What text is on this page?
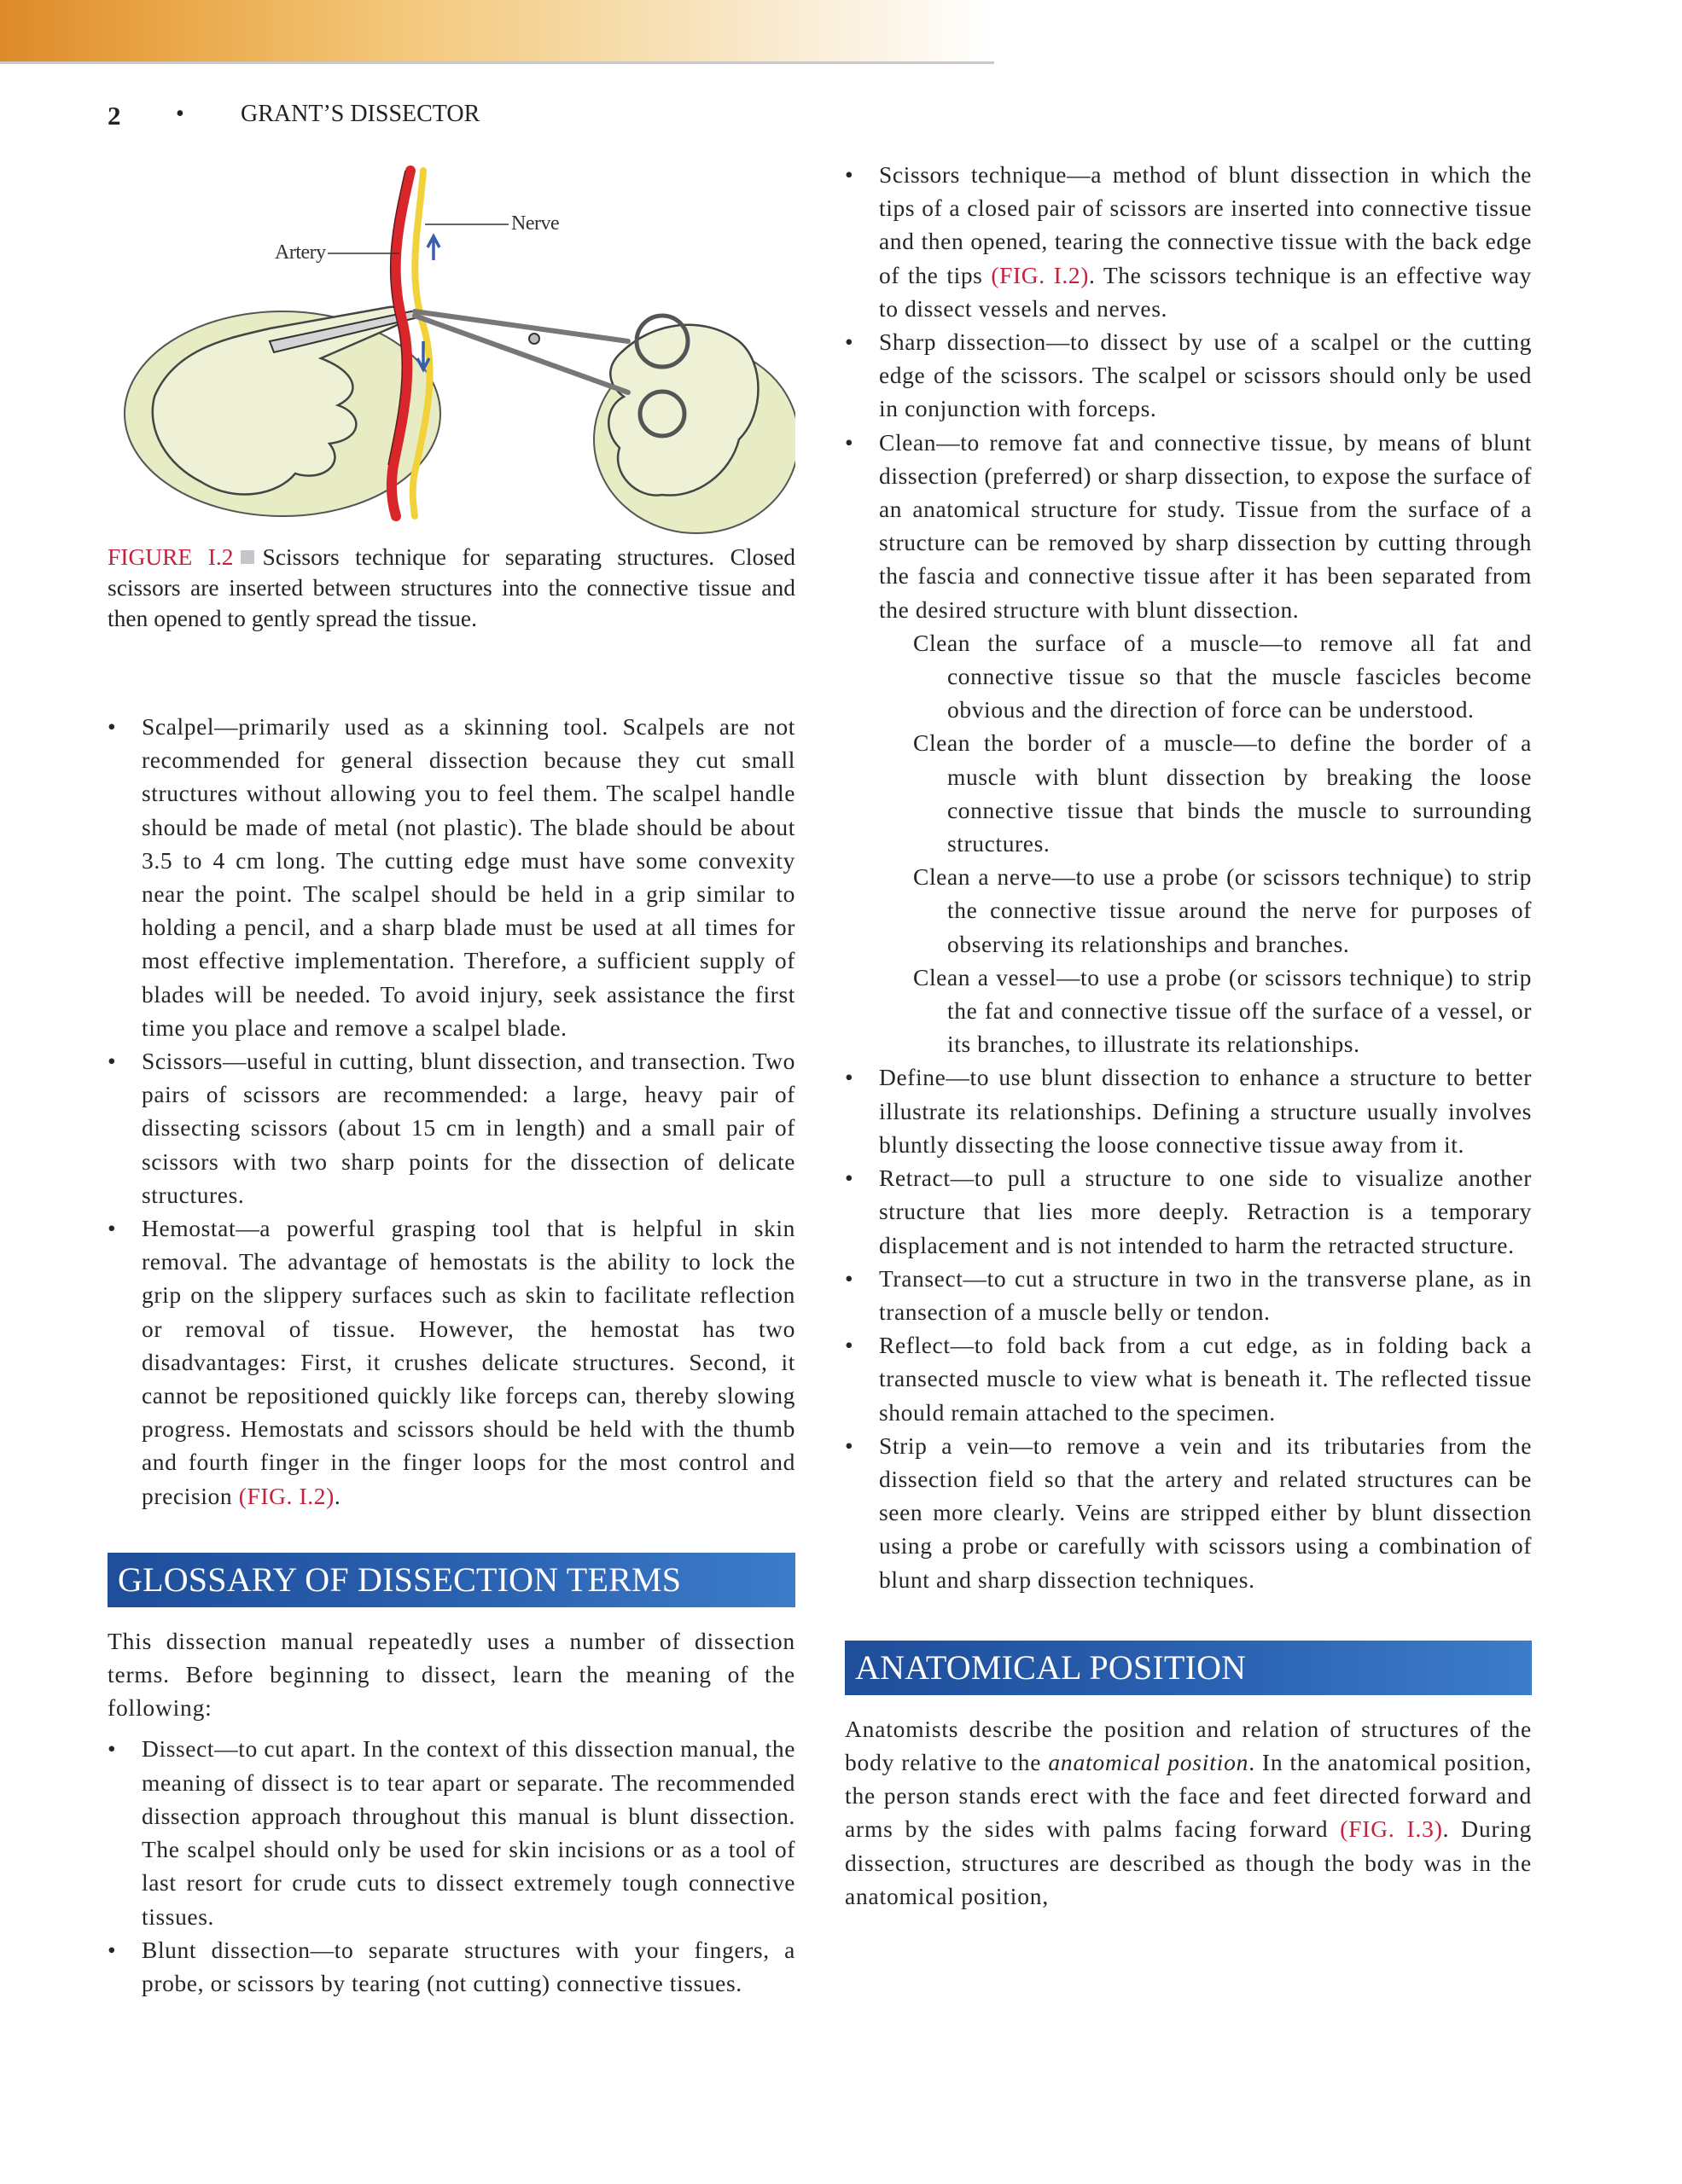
2 • GRANT’S DISSECTOR
Artery
Nerve
FIGURE I.2 Scissors technique for separating structures. Closed scissors are inserted between structures into the connective tissue and then opened to gently spread the tissue.
• Scalpel—primarily used as a skinning tool. Scalpels are not recommended for general dissection because they cut small structures without allowing you to feel them. The scalpel handle should be made of metal (not plastic). The blade should be about 3.5 to 4 cm long. The cutting edge must have some convexity near the point. The scalpel should be held in a grip similar to holding a pencil, and a sharp blade must be used at all times for most effective implementation. Therefore, a sufficient supply of blades will be needed. To avoid injury, seek assistance the first time you place and remove a scalpel blade.
• Scissors—useful in cutting, blunt dissection, and transection. Two pairs of scissors are recommended: a large, heavy pair of dissecting scissors (about 15 cm in length) and a small pair of scissors with two sharp points for the dissection of delicate structures.
• Hemostat—a powerful grasping tool that is helpful in skin removal. The advantage of hemostats is the ability to lock the grip on the slippery surfaces such as skin to facilitate reflection or removal of tissue. However, the hemostat has two disadvantages: First, it crushes delicate structures. Second, it cannot be repositioned quickly like forceps can, thereby slowing progress. Hemostats and scissors should be held with the thumb and fourth finger in the finger loops for the most control and precision (FIG. I.2).
GLOSSARY OF DISSECTION TERMS

This dissection manual repeatedly uses a number of dissection terms. Before beginning to dissect, learn the meaning of the following:

• Dissect—to cut apart. In the context of this dissection manual, the meaning of dissect is to tear apart or separate. The recommended dissection approach throughout this manual is blunt dissection. The scalpel should only be used for skin incisions or as a tool of last resort for crude cuts to dissect extremely tough connective tissues.
• Blunt dissection—to separate structures with your fingers, a probe, or scissors by tearing (not cutting) connective tissues.
• Scissors technique—a method of blunt dissection in which the tips of a closed pair of scissors are inserted into connective tissue and then opened, tearing the connective tissue with the back edge of the tips (FIG. I.2). The scissors technique is an effective way to dissect vessels and nerves.
• Sharp dissection—to dissect by use of a scalpel or the cutting edge of the scissors. The scalpel or scissors should only be used in conjunction with forceps.
• Clean—to remove fat and connective tissue, by means of blunt dissection (preferred) or sharp dissection, to expose the surface of an anatomical structure for study. Tissue from the surface of a structure can be removed by sharp dissection by cutting through the fascia and connective tissue after it has been separated from the desired structure with blunt dissection.
Clean the surface of a muscle—to remove all fat and connective tissue so that the muscle fascicles become obvious and the direction of force can be understood.
Clean the border of a muscle—to define the border of a muscle with blunt dissection by breaking the loose connective tissue that binds the muscle to surrounding structures.
Clean a nerve—to use a probe (or scissors technique) to strip the connective tissue around the nerve for purposes of observing its relationships and branches.
Clean a vessel—to use a probe (or scissors technique) to strip the fat and connective tissue off the surface of a vessel, or its branches, to illustrate its relationships.
• Define—to use blunt dissection to enhance a structure to better illustrate its relationships. Defining a structure usually involves bluntly dissecting the loose connective tissue away from it.
• Retract—to pull a structure to one side to visualize another structure that lies more deeply. Retraction is a temporary displacement and is not intended to harm the retracted structure.
• Transect—to cut a structure in two in the transverse plane, as in transection of a muscle belly or tendon.
• Reflect—to fold back from a cut edge, as in folding back a transected muscle to view what is beneath it. The reflected tissue should remain attached to the specimen.
• Strip a vein—to remove a vein and its tributaries from the dissection field so that the artery and related structures can be seen more clearly. Veins are stripped either by blunt dissection using a probe or carefully with scissors using a combination of blunt and sharp dissection techniques.
ANATOMICAL POSITION

Anatomists describe the position and relation of structures of the body relative to the anatomical position. In the anatomical position, the person stands erect with the face and feet directed forward and arms by the sides with palms facing forward (FIG. I.3). During dissection, structures are described as though the body was in the anatomical position,
